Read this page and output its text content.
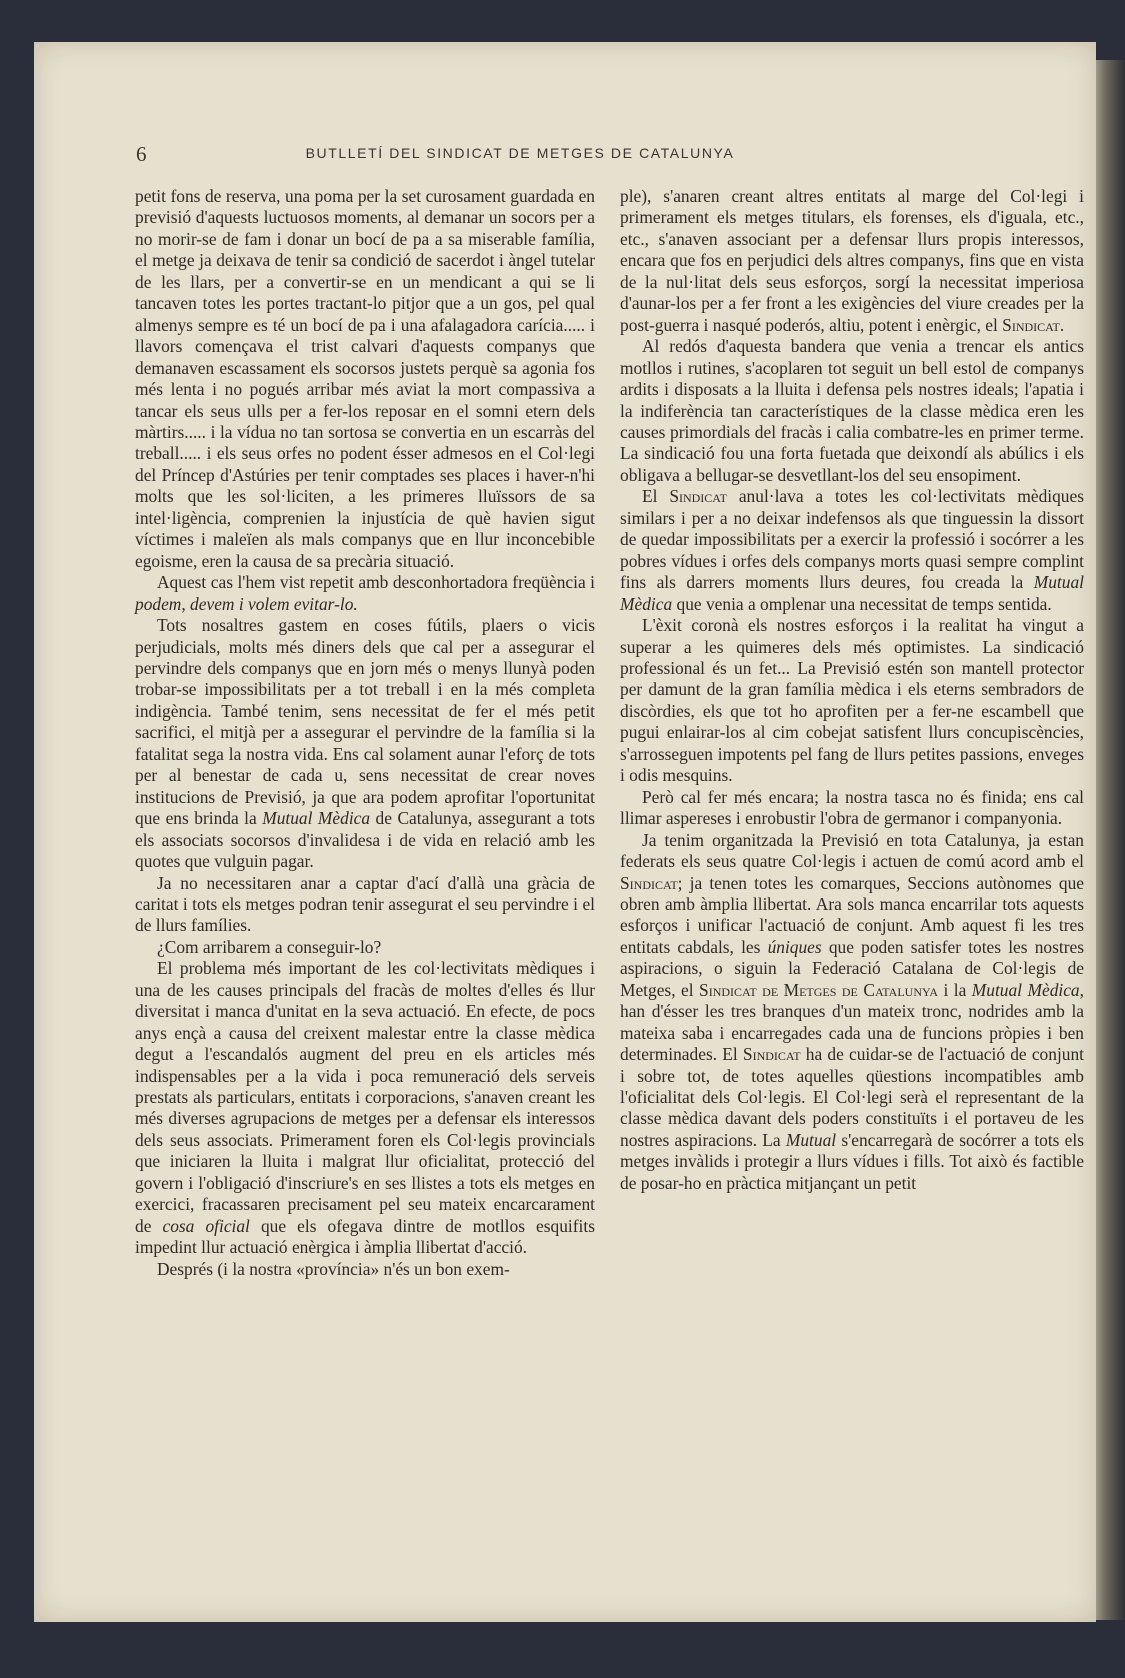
6	BUTLLETÍ DEL SINDICAT DE METGES DE CATALUNYA

petit fons de reserva, una poma per la set curosament guardada en previsió d'aquests luctuosos moments, al demanar un socors per a no morir-se de fam i donar un bocí de pa a sa miserable família, el metge ja deixava de tenir sa condició de sacerdot i àngel tutelar de les llars, per a convertir-se en un mendicant a qui se li tancaven totes les portes tractant-lo pitjor que a un gos, pel qual almenys sempre es té un bocí de pa i una afalagadora carícia..... i llavors començava el trist calvari d'aquests companys que demanaven escassament els socorsos justets perquè sa agonia fos més lenta i no pogués arribar més aviat la mort compassiva a tancar els seus ulls per a fer-los reposar en el somni etern dels màrtirs..... i la vídua no tan sortosa se convertia en un escarràs del treball..... i els seus orfes no podent ésser admesos en el Col·legi del Príncep d'Astúries per tenir comptades ses places i haver-n'hi molts que les sol·liciten, a les primeres lluïssors de sa intel·ligència, comprenien la injustícia de què havien sigut víctimes i maleïen als mals companys que en llur inconcebible egoisme, eren la causa de sa precària situació.

Aquest cas l'hem vist repetit amb desconhortadora freqüència i podem, devem i volem evitar-lo.

Tots nosaltres gastem en coses fútils, plaers o vicis perjudicials, molts més diners dels que cal per a assegurar el pervindre dels companys que en jorn més o menys llunyà poden trobar-se impossibilitats per a tot treball i en la més completa indigència. També tenim, sens necessitat de fer el més petit sacrifici, el mitjà per a assegurar el pervindre de la família si la fatalitat sega la nostra vida. Ens cal solament aunar l'eforç de tots per al benestar de cada u, sens necessitat de crear noves institucions de Previsió, ja que ara podem aprofitar l'oportunitat que ens brinda la Mutual Mèdica de Catalunya, assegurant a tots els associats socorsos d'invalidesa i de vida en relació amb les quotes que vulguin pagar.

Ja no necessitaren anar a captar d'ací d'allà una gràcia de caritat i tots els metges podran tenir assegurat el seu pervindre i el de llurs famílies.

¿Com arribarem a conseguir-lo?

El problema més important de les col·lectivitats mèdiques i una de les causes principals del fracàs de moltes d'elles és llur diversitat i manca d'unitat en la seva actuació. En efecte, de pocs anys ençà a causa del creixent malestar entre la classe mèdica degut a l'escandalós augment del preu en els articles més indispensables per a la vida i poca remuneració dels serveis prestats als particulars, entitats i corporacions, s'anaven creant les més diverses agrupacions de metges per a defensar els interessos dels seus associats. Primerament foren els Col·legis provincials que iniciaren la lluita i malgrat llur oficialitat, protecció del govern i l'obligació d'inscriure's en ses llistes a tots els metges en exercici, fracassaren precisament pel seu mateix encarcarament de cosa oficial que els ofegava dintre de motllos esquifits impedint llur actuació enèrgica i àmplia llibertat d'acció.

Després (i la nostra «província» n'és un bon exem-

ple), s'anaren creant altres entitats al marge del Col·legi i primerament els metges titulars, els forenses, els d'iguala, etc., etc., s'anaven associant per a defensar llurs propis interessos, encara que fos en perjudici dels altres companys, fins que en vista de la nul·litat dels seus esforços, sorgí la necessitat imperiosa d'aunar-los per a fer front a les exigències del viure creades per la post-guerra i nasqué poderós, altiu, potent i enèrgic, el Sindicat.

Al redós d'aquesta bandera que venia a trencar els antics motllos i rutines, s'acoplaren tot seguit un bell estol de companys ardits i disposats a la lluita i defensa pels nostres ideals; l'apatia i la indiferència tan característiques de la classe mèdica eren les causes primordials del fracàs i calia combatre-les en primer terme. La sindicació fou una forta fuetada que deixondí als abúlics i els obligava a bellugar-se desvetllant-los del seu ensopiment.

El Sindicat anul·lava a totes les col·lectivitats mèdiques similars i per a no deixar indefensos als que tinguessin la dissort de quedar impossibilitats per a exercir la professió i socórrer a les pobres vídues i orfes dels companys morts quasi sempre complint fins als darrers moments llurs deures, fou creada la Mutual Mèdica que venia a omplenar una necessitat de temps sentida.

L'èxit coronà els nostres esforços i la realitat ha vingut a superar a les quimeres dels més optimistes. La sindicació professional és un fet... La Previsió estén son mantell protector per damunt de la gran família mèdica i els eterns sembradors de discòrdies, els que tot ho aprofiten per a fer-ne escambell que pugui enlairar-los al cim cobejat satisfent llurs concupiscències, s'arrosseguen impotents pel fang de llurs petites passions, enveges i odis mesquins.

Però cal fer més encara; la nostra tasca no és finida; ens cal llimar aspereses i enrobustir l'obra de germanor i companyonia.

Ja tenim organitzada la Previsió en tota Catalunya, ja estan federats els seus quatre Col·legis i actuen de comú acord amb el Sindicat; ja tenen totes les comarques, Seccions autònomes que obren amb àmplia llibertat. Ara sols manca encarrilar tots aquests esforços i unificar l'actuació de conjunt. Amb aquest fi les tres entitats cabdals, les úniques que poden satisfer totes les nostres aspiracions, o siguin la Federació Catalana de Col·legis de Metges, el Sindicat de Metges de Catalunya i la Mutual Mèdica, han d'ésser les tres branques d'un mateix tronc, nodrides amb la mateixa saba i encarregades cada una de funcions pròpies i ben determinades. El Sindicat ha de cuidar-se de l'actuació de conjunt i sobre tot, de totes aquelles qüestions incompatibles amb l'oficialitat dels Col·legis. El Col·legi serà el representant de la classe mèdica davant dels poders constituïts i el portaveu de les nostres aspiracions. La Mutual s'encarregarà de socórrer a tots els metges invàlids i protegir a llurs vídues i fills. Tot això és factible de posar-ho en pràctica mitjançant un petit
